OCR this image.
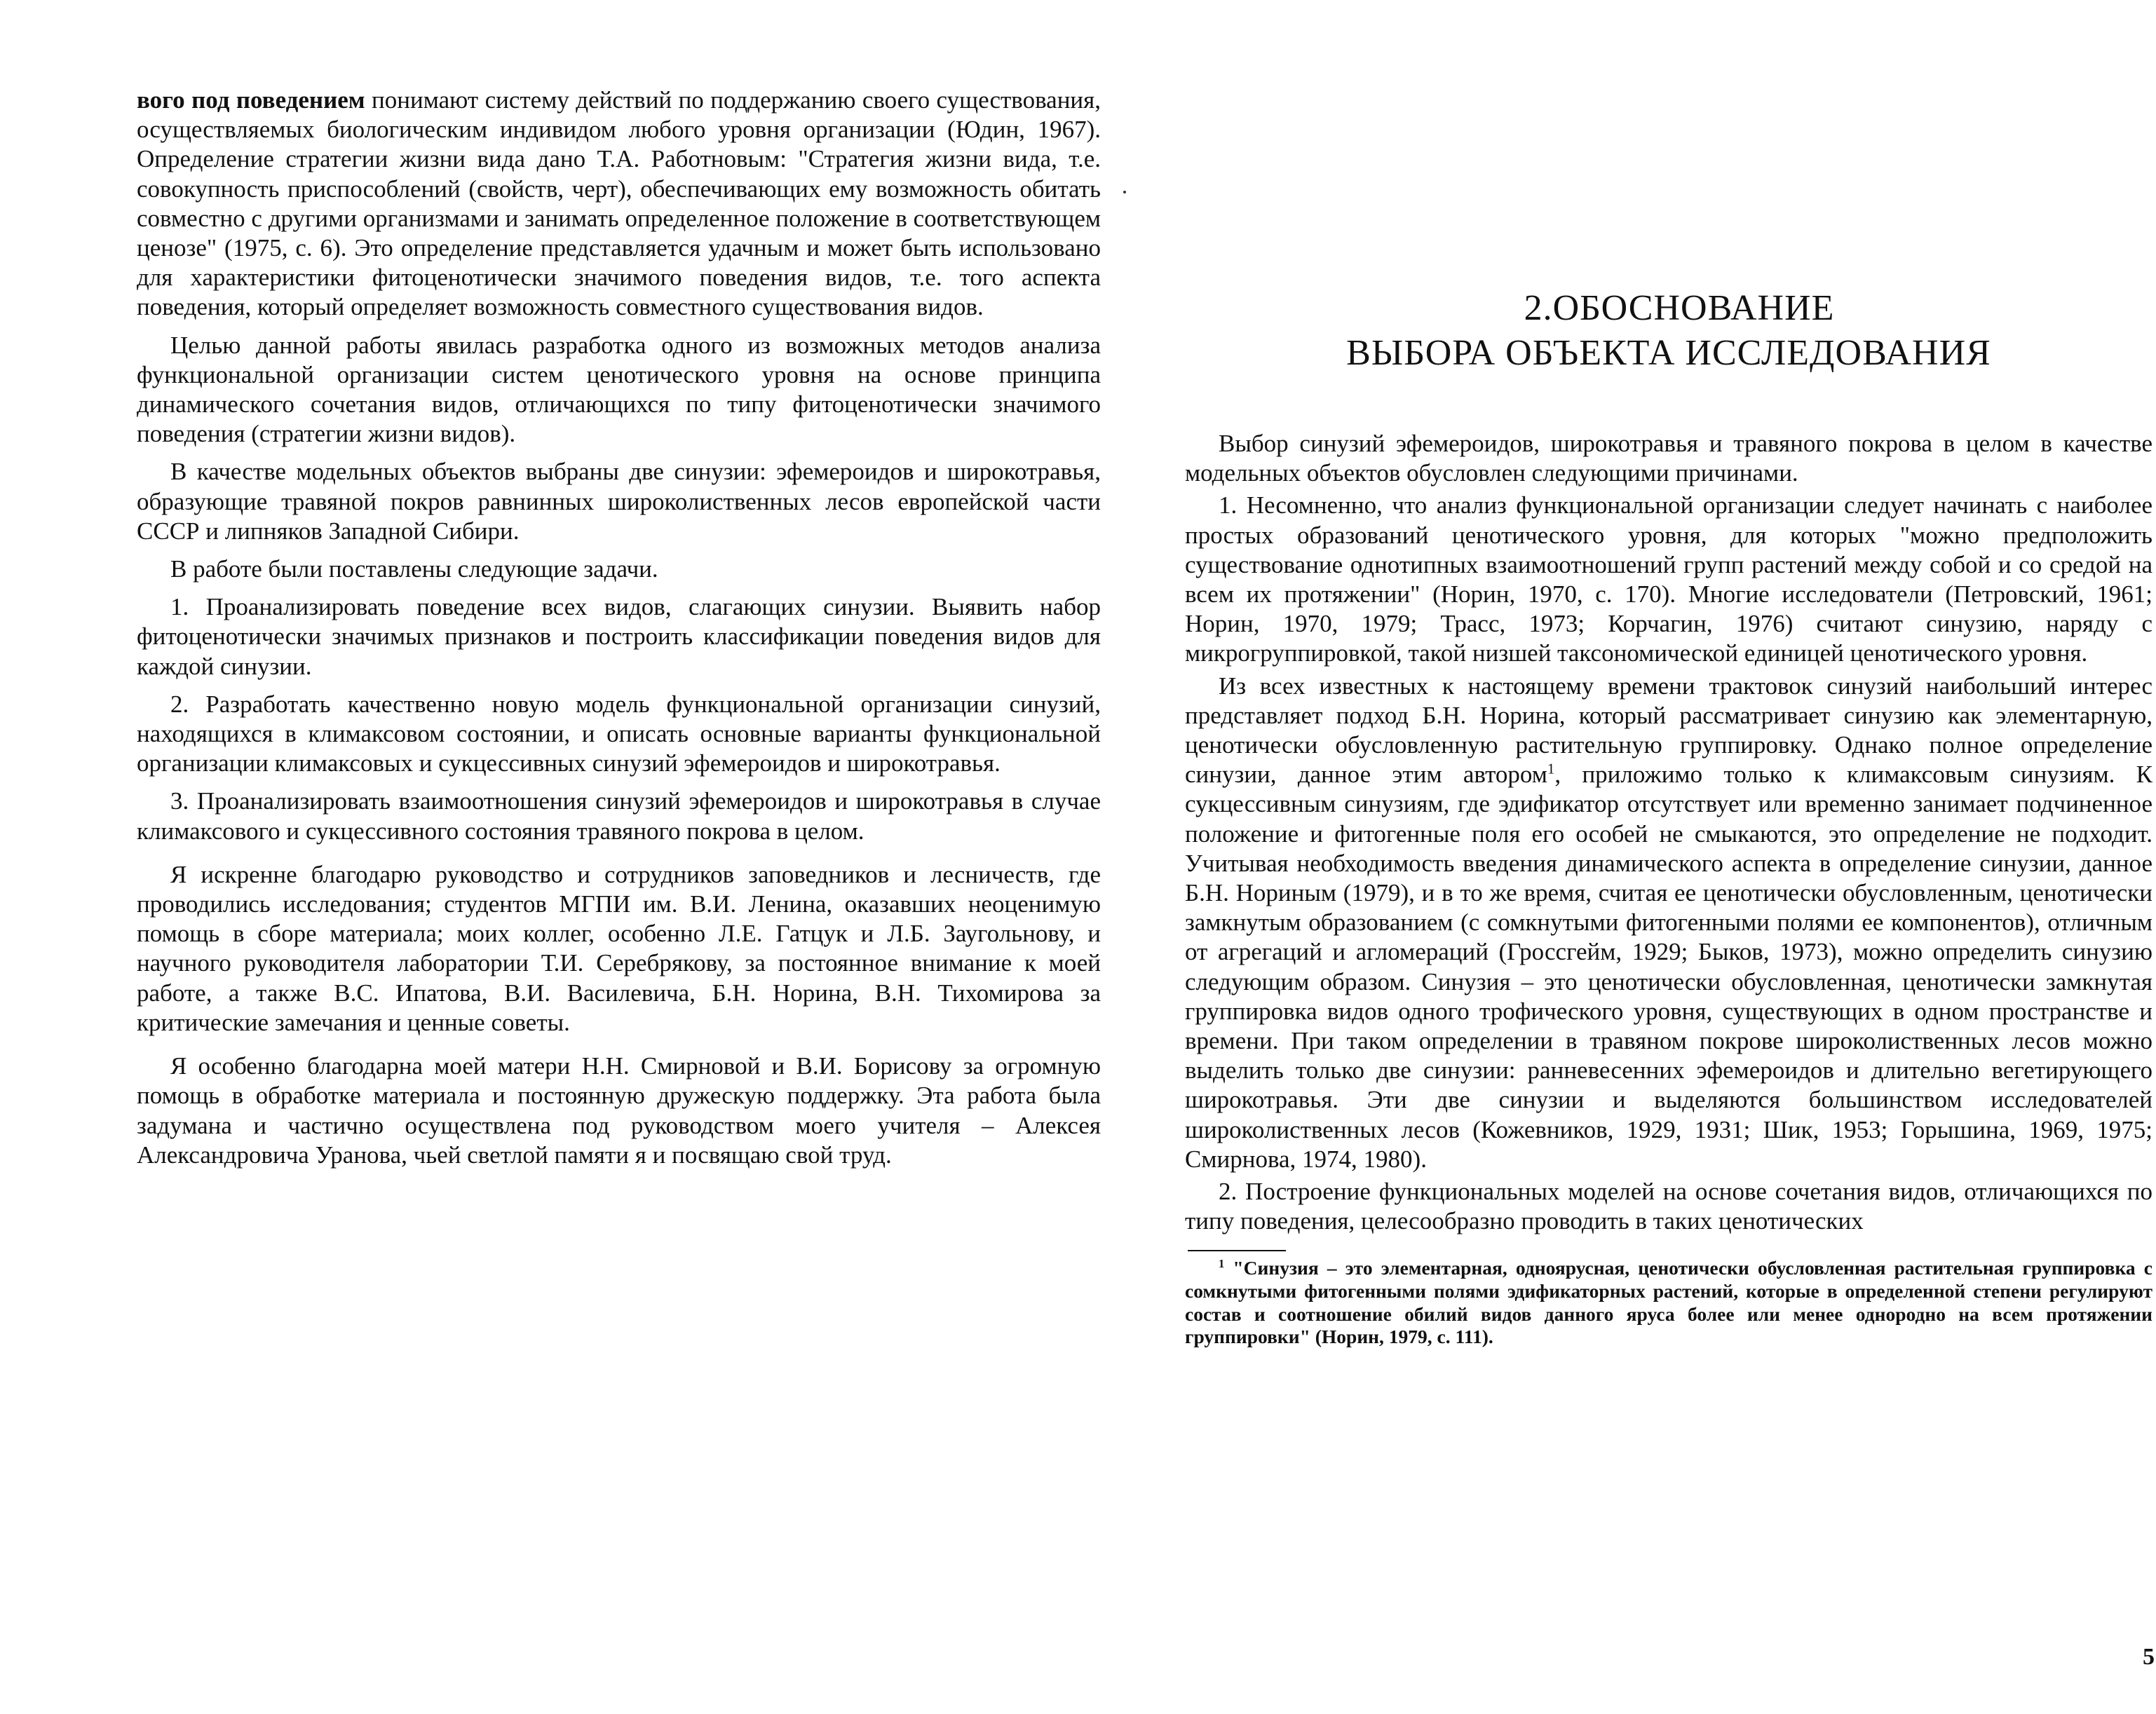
вого под поведением понимают систему действий по поддержанию своего существования, осуществляемых биологическим индивидом любого уровня организации (Юдин, 1967). Определение стратегии жизни вида дано Т.А. Работновым: "Стратегия жизни вида, т.е. совокупность приспособлений (свойств, черт), обеспечивающих ему возможность обитать совместно с другими организмами и занимать определенное положение в соответствующем ценозе" (1975, с. 6). Это определение представляется удачным и может быть использовано для характеристики фитоценотически значимого поведения видов, т.е. того аспекта поведения, который определяет возможность совместного существования видов.

Целью данной работы явилась разработка одного из возможных методов анализа функциональной организации систем ценотического уровня на основе принципа динамического сочетания видов, отличающихся по типу фитоценотически значимого поведения (стратегии жизни видов).

В качестве модельных объектов выбраны две синузии: эфемероидов и широкотравья, образующие травяной покров равнинных широколиственных лесов европейской части СССР и липняков Западной Сибири.

В работе были поставлены следующие задачи.

1. Проанализировать поведение всех видов, слагающих синузии. Выявить набор фитоценотически значимых признаков и построить классификации поведения видов для каждой синузии.

2. Разработать качественно новую модель функциональной организации синузий, находящихся в климаксовом состоянии, и описать основные варианты функциональной организации климаксовых и сукцессивных синузий эфемероидов и широкотравья.

3. Проанализировать взаимоотношения синузий эфемероидов и широкотравья в случае климаксового и сукцессивного состояния травяного покрова в целом.

Я искренне благодарю руководство и сотрудников заповедников и лесничеств, где проводились исследования; студентов МГПИ им. В.И. Ленина, оказавших неоценимую помощь в сборе материала; моих коллег, особенно Л.Е. Гатцук и Л.Б. Заугольнову, и научного руководителя лаборатории Т.И. Серебрякову, за постоянное внимание к моей работе, а также В.С. Ипатова, В.И. Василевича, Б.Н. Норина, В.Н. Тихомирова за критические замечания и ценные советы.

Я особенно благодарна моей матери Н.Н. Смирновой и В.И. Борисову за огромную помощь в обработке материала и постоянную дружескую поддержку. Эта работа была задумана и частично осуществлена под руководством моего учителя – Алексея Александровича Уранова, чьей светлой памяти я и посвящаю свой труд.

2.ОБОСНОВАНИЕ
ВЫБОРА ОБЪЕКТА ИССЛЕДОВАНИЯ

Выбор синузий эфемероидов, широкотравья и травяного покрова в целом в качестве модельных объектов обусловлен следующими причинами.

1. Несомненно, что анализ функциональной организации следует начинать с наиболее простых образований ценотического уровня, для которых "можно предположить существование однотипных взаимоотношений групп растений между собой и со средой на всем их протяжении" (Норин, 1970, с. 170). Многие исследователи (Петровский, 1961; Норин, 1970, 1979; Трасс, 1973; Корчагин, 1976) считают синузию, наряду с микрогруппировкой, такой низшей таксономической единицей ценотического уровня.

Из всех известных к настоящему времени трактовок синузий наибольший интерес представляет подход Б.Н. Норина, который рассматривает синузию как элементарную, ценотически обусловленную растительную группировку. Однако полное определение синузии, данное этим автором$^1$, приложимо только к климаксовым синузиям. К сукцессивным синузиям, где эдификатор отсутствует или временно занимает подчиненное положение и фитогенные поля его особей не смыкаются, это определение не подходит. Учитывая необходимость введения динамического аспекта в определение синузии, данное Б.Н. Нориным (1979), и в то же время, считая ее ценотически обусловленным, ценотически замкнутым образованием (с сомкнутыми фитогенными полями ее компонентов), отличным от агрегаций и агломераций (Гроссгейм, 1929; Быков, 1973), можно определить синузию следующим образом. Синузия – это ценотически обусловленная, ценотически замкнутая группировка видов одного трофического уровня, существующих в одном пространстве и времени. При таком определении в травяном покрове широколиственных лесов можно выделить только две синузии: ранневесенних эфемероидов и длительно вегетирующего широкотравья. Эти две синузии и выделяются большинством исследователей широколиственных лесов (Кожевников, 1929, 1931; Шик, 1953; Горышина, 1969, 1975; Смирнова, 1974, 1980).

2. Построение функциональных моделей на основе сочетания видов, отличающихся по типу поведения, целесообразно проводить в таких ценотических

$^1$ "Синузия – это элементарная, одноярусная, ценотически обусловленная растительная группировка с сомкнутыми фитогенными полями эдификаторных растений, которые в определенной степени регулируют состав и соотношение обилий видов данного яруса более или менее однородно на всем протяжении группировки" (Норин, 1979, с. 111).

5
